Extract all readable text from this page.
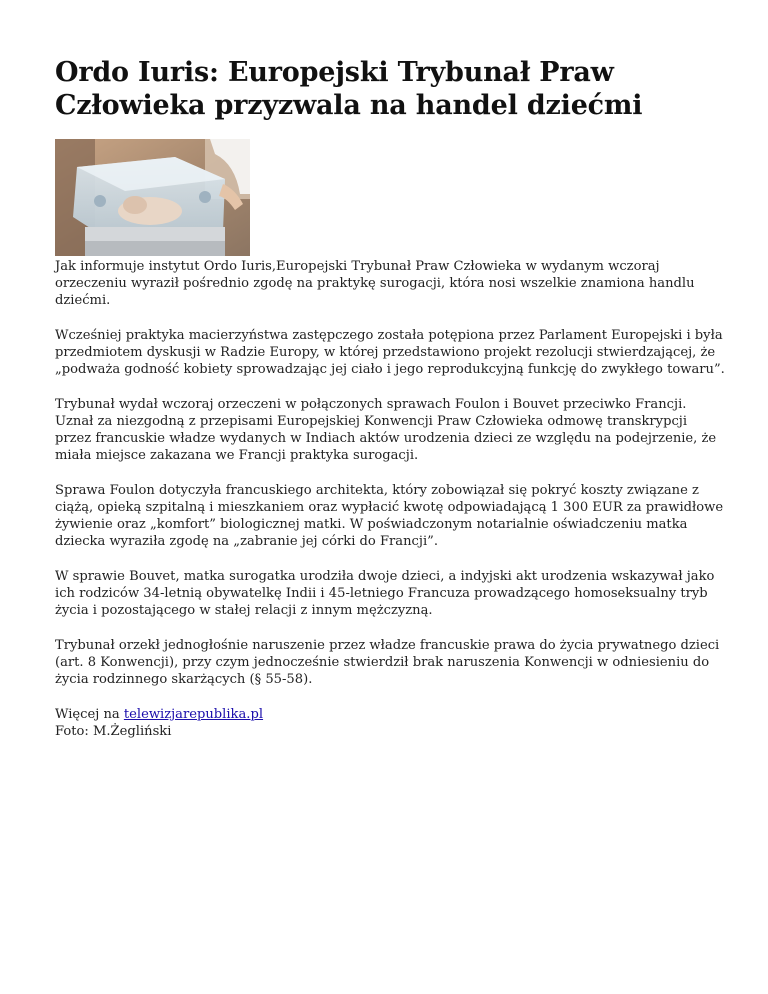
Ordo Iuris: Europejski Trybunał Praw Człowieka przyzwala na handel dziećmi

Jak informuje instytut Ordo Iuris,Europejski Trybunał Praw Człowieka w wydanym wczoraj orzeczeniu wyraził pośrednio zgodę na praktykę surogacji, która nosi wszelkie znamiona handlu dziećmi.

Wcześniej praktyka macierzyństwa zastępczego została potępiona przez Parlament Europejski i była przedmiotem dyskusji w Radzie Europy, w której przedstawiono projekt rezolucji stwierdzającej, że „podważa godność kobiety sprowadzając jej ciało i jego reprodukcyjną funkcję do zwykłego towaru”.

Trybunał wydał wczoraj orzeczeni w połączonych sprawach Foulon i Bouvet przeciwko Francji. Uznał za niezgodną z przepisami Europejskiej Konwencji Praw Człowieka odmowę transkrypcji przez francuskie władze wydanych w Indiach aktów urodzenia dzieci ze względu na podejrzenie, że miała miejsce zakazana we Francji praktyka surogacji.

Sprawa Foulon dotyczyła francuskiego architekta, który zobowiązał się pokryć koszty związane z ciążą, opieką szpitalną i mieszkaniem oraz wypłacić kwotę odpowiadającą 1 300 EUR za prawidłowe żywienie oraz „komfort” biologicznej matki. W poświadczonym notarialnie oświadczeniu matka dziecka wyraziła zgodę na „zabranie jej córki do Francji”.

W sprawie Bouvet, matka surogatka urodziła dwoje dzieci, a indyjski akt urodzenia wskazywał jako ich rodziców 34-letnią obywatelkę Indii i 45-letniego Francuza prowadzącego homoseksualny tryb życia i pozostającego w stałej relacji z innym mężczyzną.

Trybunał orzekł jednogłośnie naruszenie przez władze francuskie prawa do życia prywatnego dzieci (art. 8 Konwencji), przy czym jednocześnie stwierdził brak naruszenia Konwencji w odniesieniu do życia rodzinnego skarżących (§ 55-58).

Więcej na telewizjarepublika.pl
Foto: M.Żegliński
